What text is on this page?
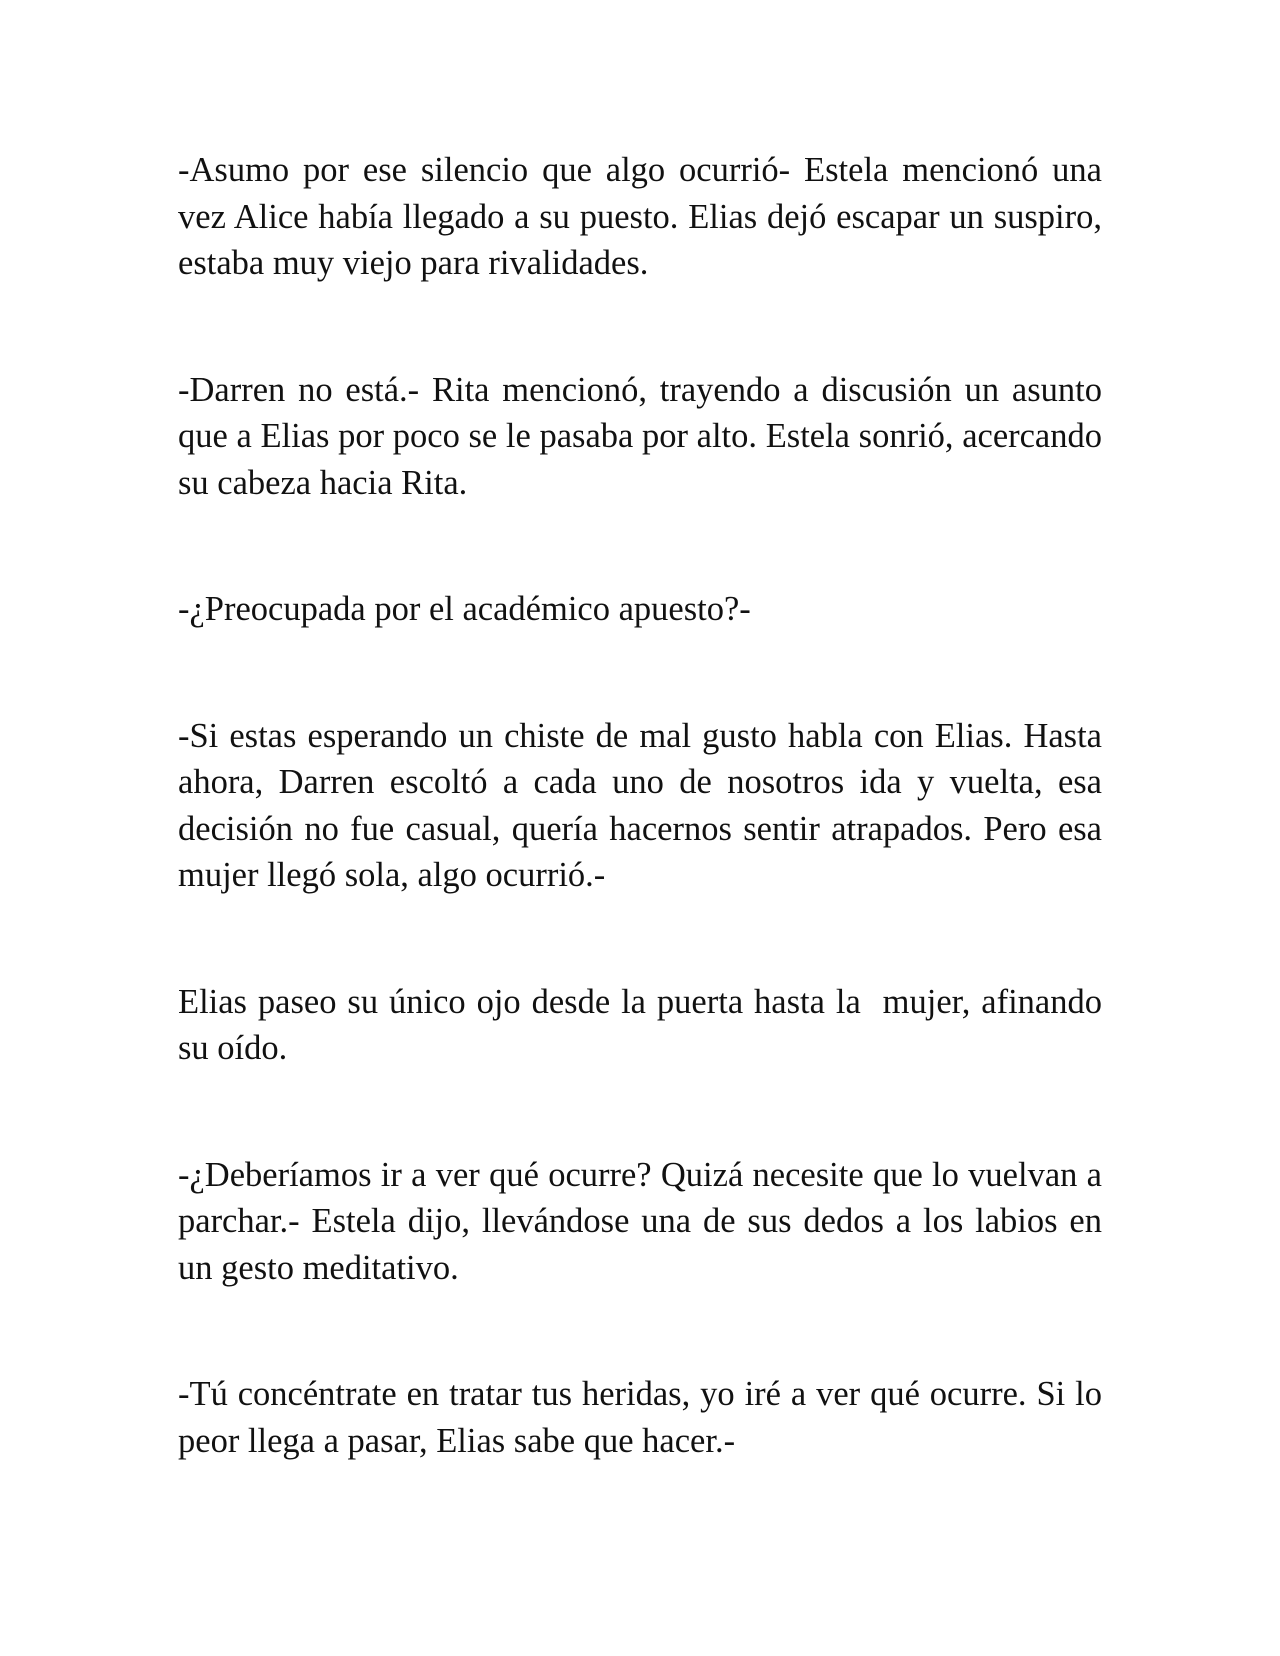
-Asumo por ese silencio que algo ocurrió- Estela mencionó una vez Alice había llegado a su puesto. Elias dejó escapar un suspiro, estaba muy viejo para rivalidades.

-Darren no está.- Rita mencionó, trayendo a discusión un asunto que a Elias por poco se le pasaba por alto. Estela sonrió, acercando su cabeza hacia Rita.

-¿Preocupada por el académico apuesto?-

-Si estas esperando un chiste de mal gusto habla con Elias. Hasta ahora, Darren escoltó a cada uno de nosotros ida y vuelta, esa decisión no fue casual, quería hacernos sentir atrapados. Pero esa mujer llegó sola, algo ocurrió.-

Elias paseo su único ojo desde la puerta hasta la  mujer, afinando su oído.

-¿Deberíamos ir a ver qué ocurre? Quizá necesite que lo vuelvan a parchar.- Estela dijo, llevándose una de sus dedos a los labios en un gesto meditativo.

-Tú concéntrate en tratar tus heridas, yo iré a ver qué ocurre. Si lo peor llega a pasar, Elias sabe que hacer.-
